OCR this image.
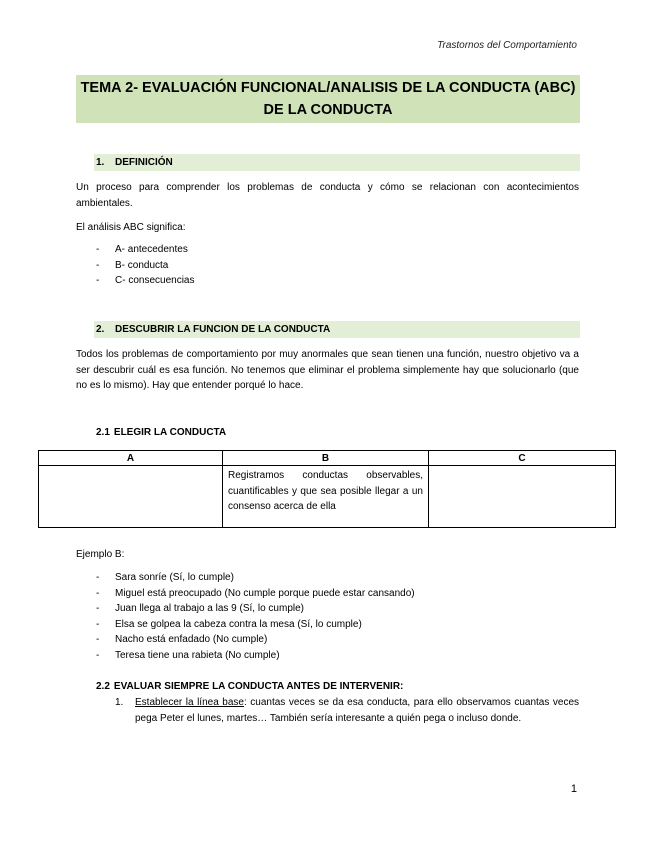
Trastornos del Comportamiento
TEMA 2- EVALUACIÓN FUNCIONAL/ANALISIS DE LA CONDUCTA (ABC)
DE LA CONDUCTA
1. DEFINICIÓN
Un proceso para comprender los problemas de conducta y cómo se relacionan con acontecimientos ambientales.
El análisis ABC significa:
- A- antecedentes
- B- conducta
- C- consecuencias
2. DESCUBRIR LA FUNCION DE LA CONDUCTA
Todos los problemas de comportamiento por muy anormales que sean tienen una función, nuestro objetivo va a ser descubrir cuál es esa función. No tenemos que eliminar el problema simplemente hay que solucionarlo (que no es lo mismo). Hay que entender porqué lo hace.
2.1 ELEGIR LA CONDUCTA
A	B	C
	Registramos conductas observables, cuantificables y que sea posible llegar a un consenso acerca de ella	
Ejemplo B:
- Sara sonríe (Sí, lo cumple)
- Miguel está preocupado (No cumple porque puede estar cansando)
- Juan llega al trabajo a las 9 (Sí, lo cumple)
- Elsa se golpea la cabeza contra la mesa (Sí, lo cumple)
- Nacho está enfadado (No cumple)
- Teresa tiene una rabieta (No cumple)
2.2 EVALUAR SIEMPRE LA CONDUCTA ANTES DE INTERVENIR:
1. Establecer la línea base: cuantas veces se da esa conducta, para ello observamos cuantas veces pega Peter el lunes, martes… También sería interesante a quién pega o incluso donde.
1
